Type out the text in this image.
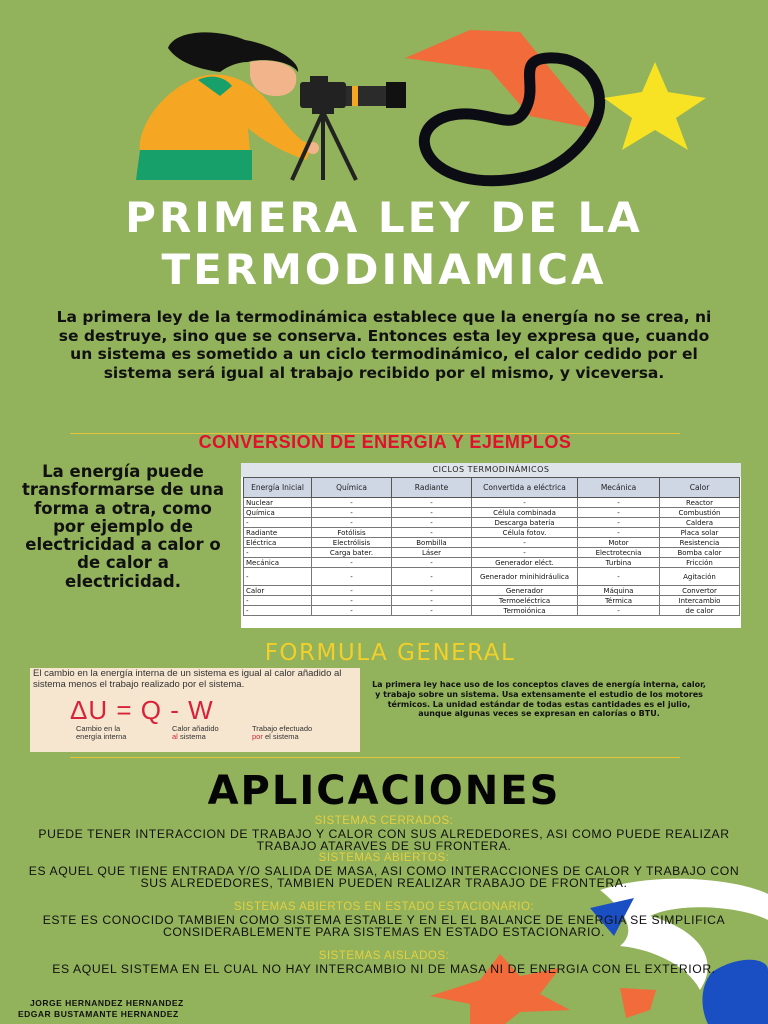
PRIMERA LEY DE LA
TERMODINAMICA
La primera ley de la termodinámica establece que la energía no se crea, ni se destruye, sino que se conserva. Entonces esta ley expresa que, cuando un sistema es sometido a un ciclo termodinámico, el calor cedido por el sistema será igual al trabajo recibido por el mismo, y viceversa.
CONVERSION DE ENERGIA Y EJEMPLOS
La energía puede transformarse de una forma a otra, como por ejemplo de electricidad a calor o de calor a electricidad.
CICLOS TERMODINÁMICOS
Energía Inicial	Química	Radiante	Convertida a eléctrica	Mecánica	Calor
Nuclear	-	-	-	-	Reactor
Química	-	-	Célula combinada	-	Combustión
-	-	-	Descarga batería	-	Caldera
Radiante	Fotólisis	-	Célula fotov.	-	Placa solar
Eléctrica	Electrólisis	Bombilla	-	Motor	Resistencia
-	Carga bater.	Láser	-	Electrotecnia	Bomba calor
Mecánica	-	-	Generador eléct.	Turbina	Fricción
-	-	-	Generador minihidráulica	-	Agitación
Calor	-	-	Generador	Máquina	Convertor
-	-	-	Termoeléctrica	Térmica	Intercambio
-	-	-	Termoiónica	-	de calor
FORMULA GENERAL
El cambio en la energía interna de un sistema es igual al calor añadido al sistema menos el trabajo realizado por el sistema.
ΔU = Q - W
Cambio en la energía interna
Calor añadido
al sistema
Trabajo efectuado
por el sistema
La primera ley hace uso de los conceptos claves de energía interna, calor, y trabajo sobre un sistema. Usa extensamente el estudio de los motores térmicos. La unidad estándar de todas estas cantidades es el julio, aunque algunas veces se expresan en calorías o BTU.
APLICACIONES
SISTEMAS CERRADOS:
PUEDE TENER INTERACCION DE TRABAJO Y CALOR CON SUS ALREDEDORES, ASI COMO PUEDE REALIZAR TRABAJO ATARAVES DE SU FRONTERA.
SISTEMAS ABIERTOS:
ES AQUEL QUE TIENE ENTRADA Y/O SALIDA DE MASA, ASI COMO INTERACCIONES DE CALOR Y TRABAJO CON SUS ALREDEDORES, TAMBIEN PUEDEN REALIZAR TRABAJO DE FRONTERA.
SISTEMAS ABIERTOS EN ESTADO ESTACIONARIO:
ESTE ES CONOCIDO TAMBIEN COMO SISTEMA ESTABLE Y EN EL EL BALANCE DE ENERGIA SE SIMPLIFICA CONSIDERABLEMENTE PARA SISTEMAS EN ESTADO ESTACIONARIO.
SISTEMAS AISLADOS:
ES AQUEL SISTEMA EN EL CUAL NO HAY INTERCAMBIO NI DE MASA NI DE ENERGIA CON EL EXTERIOR.
JORGE HERNANDEZ HERNANDEZ
EDGAR BUSTAMANTE HERNANDEZ
